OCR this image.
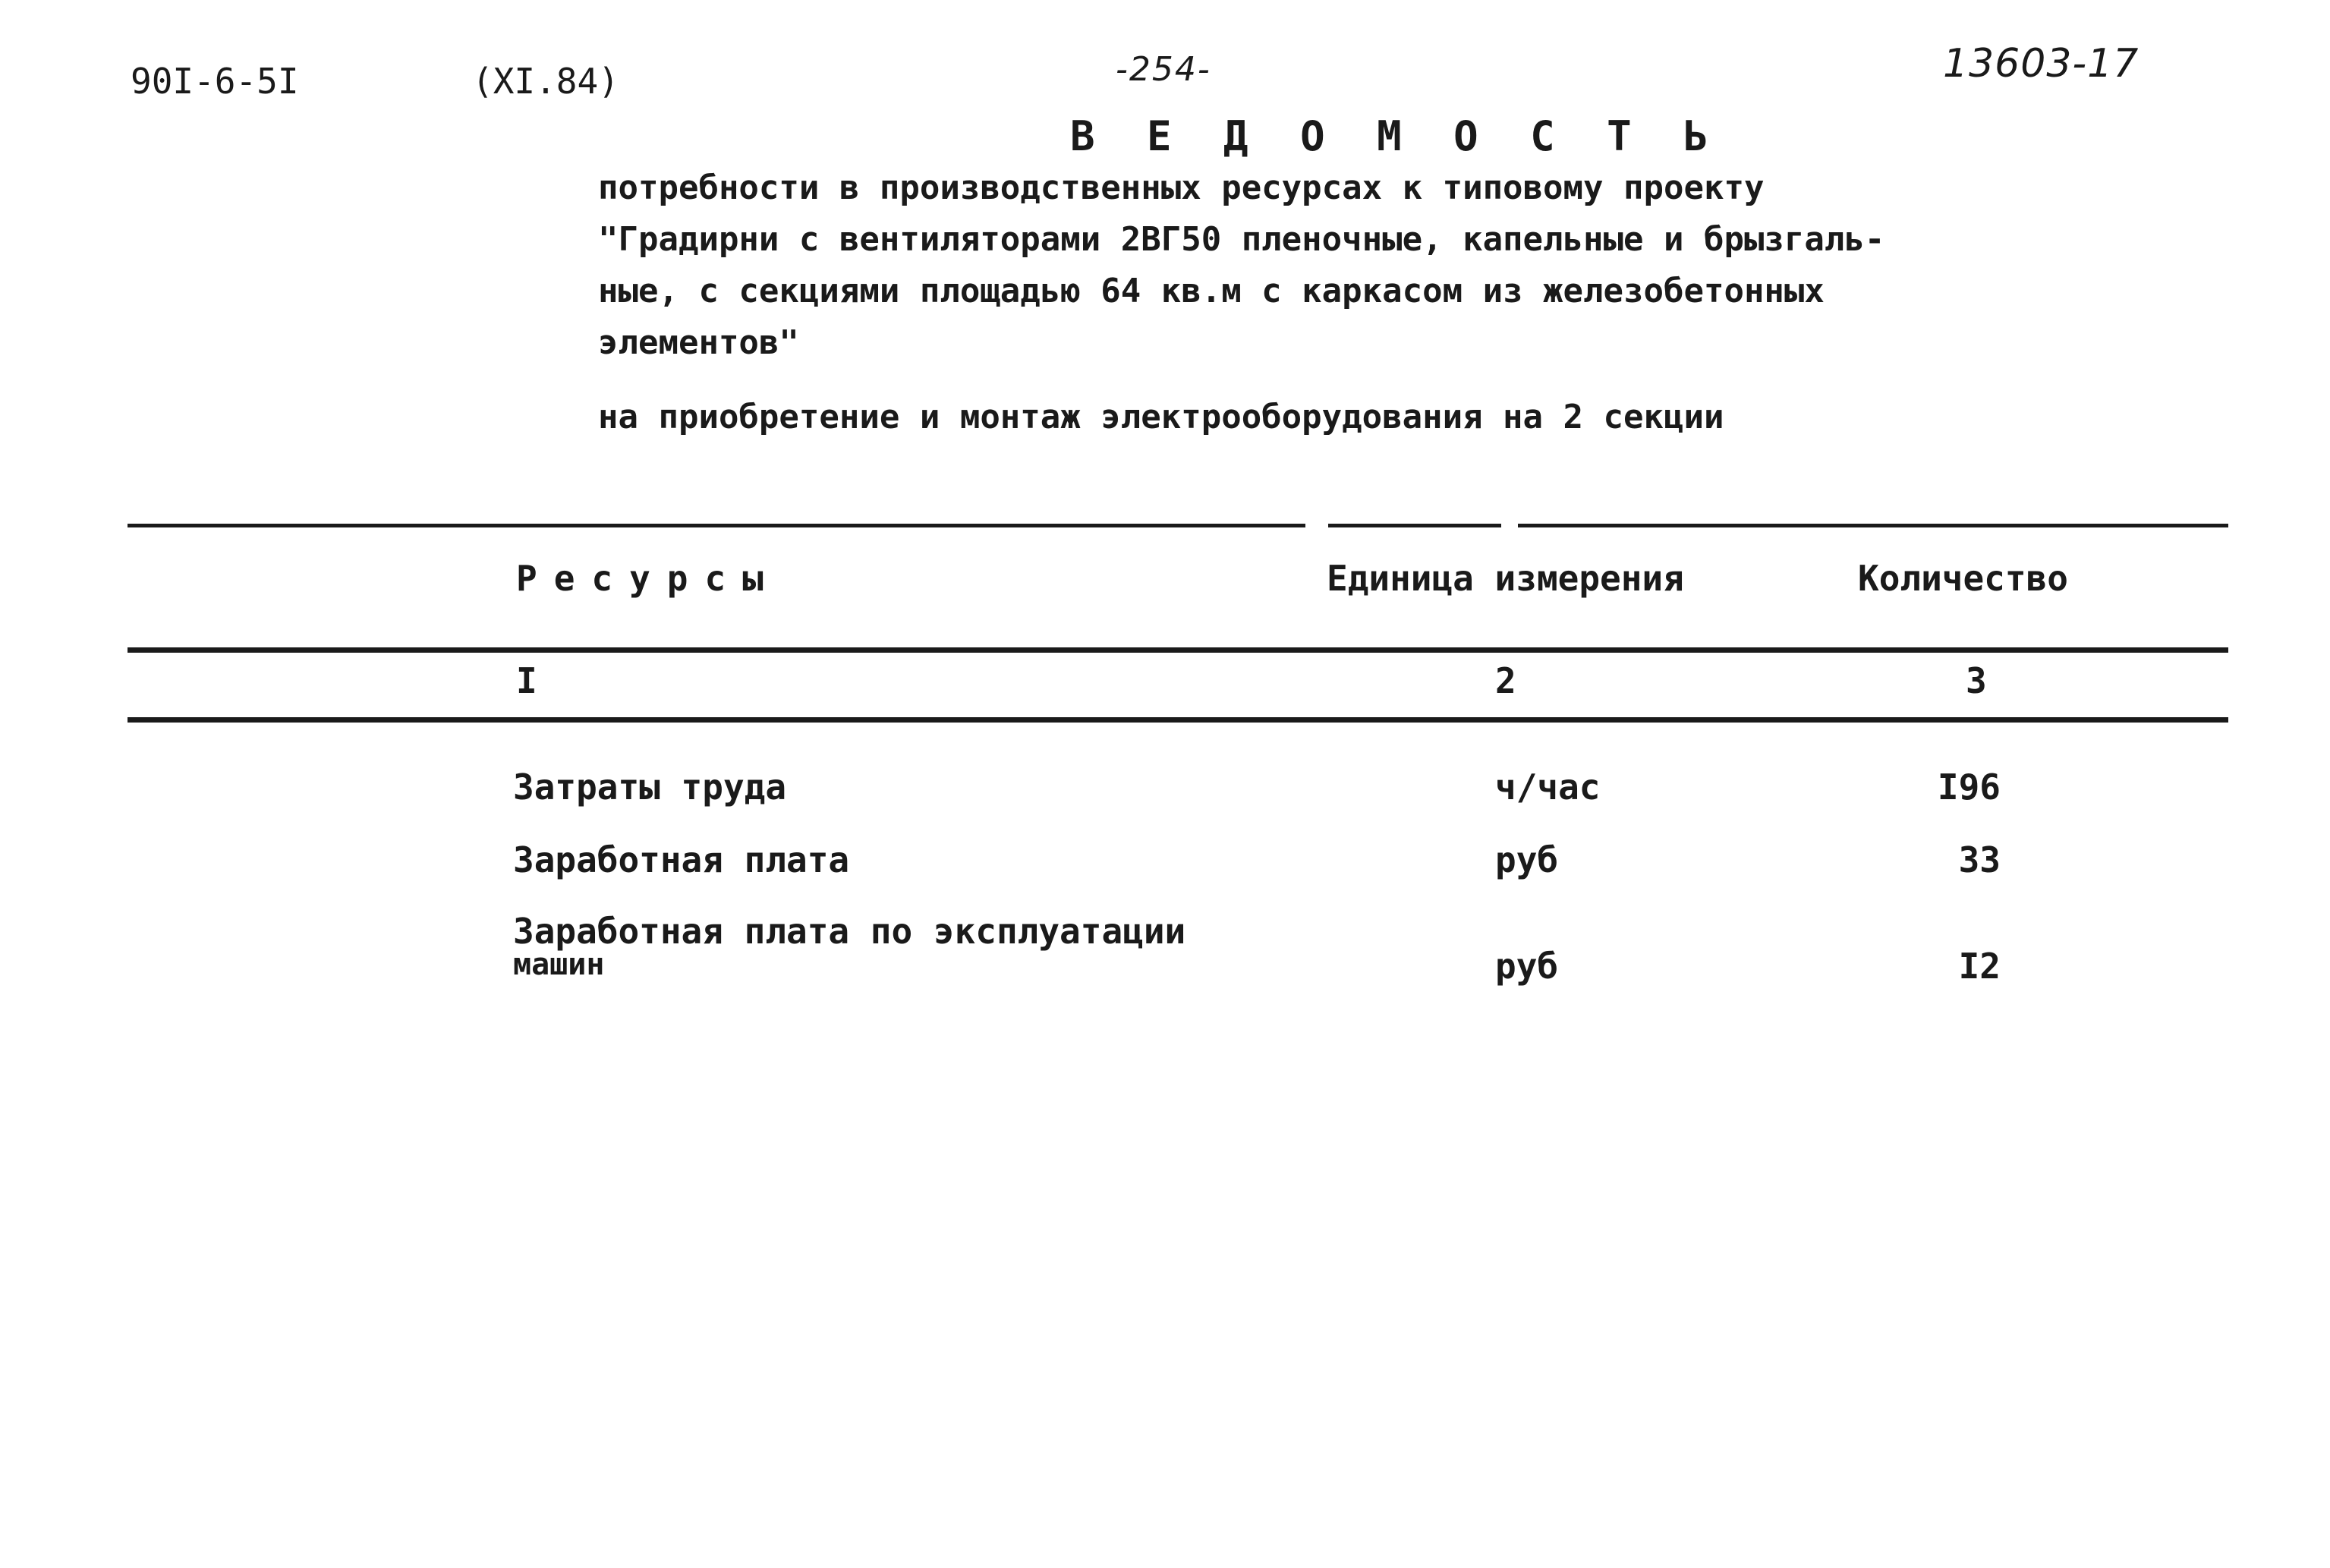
90I-6-5I	(XI.84)	-254-	13603-17
В Е Д О М О С Т Ь
потребности в производственных ресурсах к типовому проекту
"Градирни с вентиляторами 2ВГ50 пленочные, капельные и брызгаль-
ные, с секциями площадью 64 кв.м с каркасом из железобетонных
элементов"
на приобретение и монтаж электрооборудования на 2 секции
Ресурсы	Единица измерения	Количество
I	2	3
Затраты труда	ч/час	I96
Заработная плата	руб	33
Заработная плата по эксплуатации
машин	руб	I2
